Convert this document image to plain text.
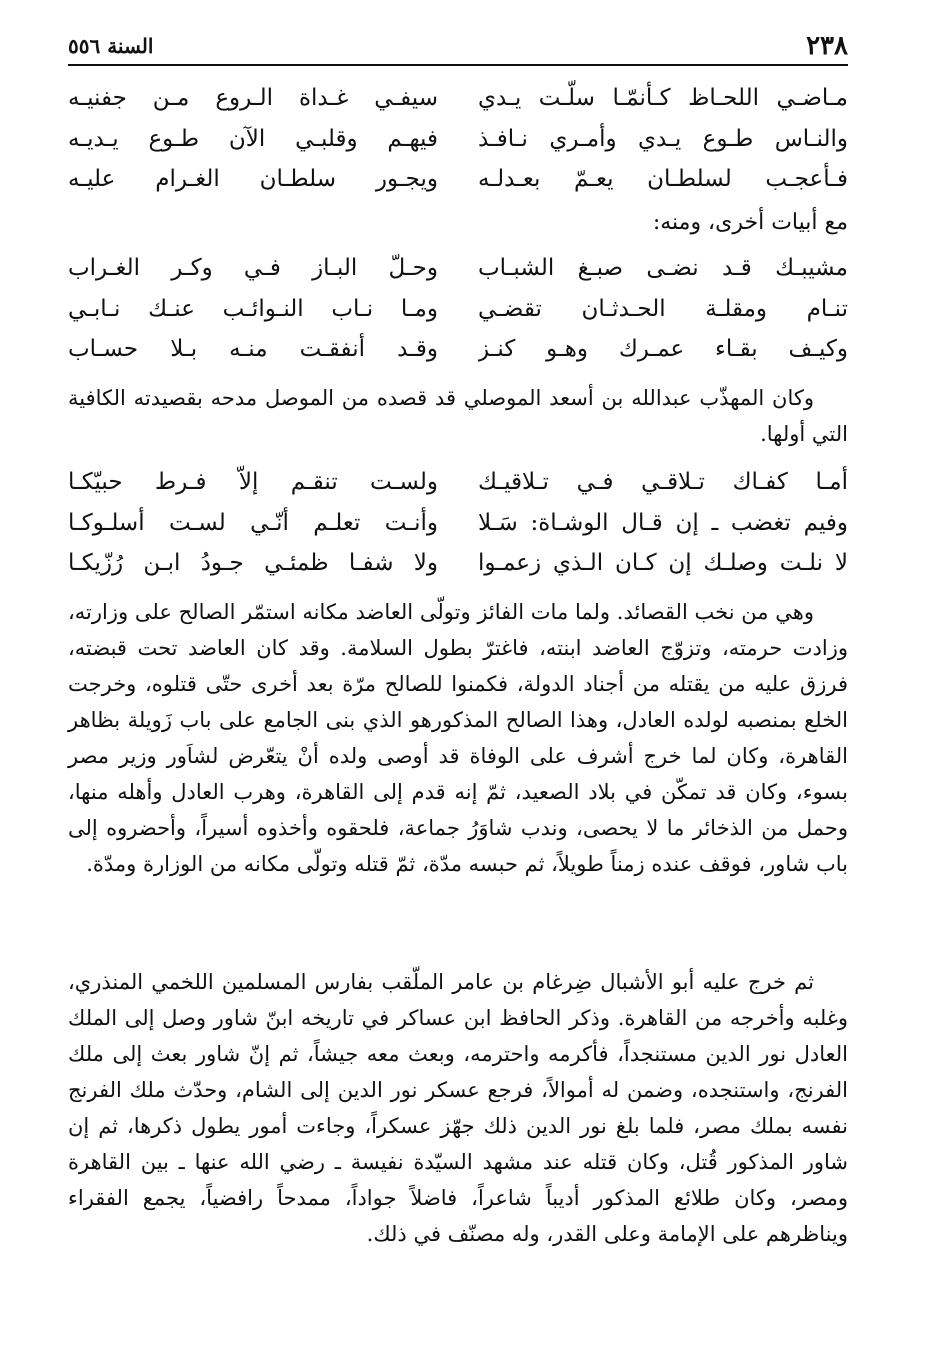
٢٣٨
السنة ٥٥٦
مـاضـي اللحـاظ كـأنمّـا سلّـت يـدي
سيفـي غـداة الـروع مـن جفنيـه
والنـاس طـوع يـدي وأمـري نـافـذ
فيهـم وقلبـي الآن طـوع يـديـه
فـأعجـب لسلطـان يعـمّ بعـدلـه
ويجـور سلطـان الغـرام عليـه
مع أبيات أخرى، ومنه:
مشيبـك قـد نضـى صبـغ الشبـاب
وحـلّ البـاز فـي وكـر الغـراب
تنـام ومقلـة الحـدثـان تقضـي
ومـا نـاب النـوائـب عنـك نـابـي
وكيـف بقـاء عمـرك وهـو كنـز
وقـد أنفقـت منـه بـلا حسـاب

وكان المهذّب عبدالله بن أسعد الموصلي قد قصده من الموصل مدحه بقصيدته الكافية التي أولها.

أمـا كفـاك تـلاقـي فـي تـلاقيـك
ولسـت تنقـم إلاّ فـرط حبيّكـا
وفيم تغضب ـ إن قـال الوشـاة: سَـلا
وأنـت تعلـم أنّـي لسـت أسلـوكـا
لا نلـت وصلـك إن كـان الـذي زعمـوا
ولا شفـا ظمئـي جـودُ ابـن رُزّيكـا

وهي من نخب القصائد. ولما مات الفائز وتولّى العاضد مكانه استمّر الصالح على وزارته، وزادت حرمته، وتزوّج العاضد ابنته، فاغترّ بطول السلامة. وقد كان العاضد تحت قبضته، فرزق عليه من يقتله من أجناد الدولة، فكمنوا للصالح مرّة بعد أخرى حتّى قتلوه، وخرجت الخلع بمنصبه لولده العادل، وهذا الصالح المذكورهو الذي بنى الجامع على باب زَويلة بظاهر القاهرة، وكان لما خرج أشرف على الوفاة قد أوصى ولده أنْ يتعّرض لشاَور وزير مصر بسوء، وكان قد تمكّن في بلاد الصعيد، ثمّ إنه قدم إلى القاهرة، وهرب العادل وأهله منها، وحمل من الذخائر ما لا يحصى، وندب شاوَرُ جماعة، فلحقوه وأخذوه أسيراً، وأحضروه إلى باب شاور، فوقف عنده زمناً طويلاً، ثم حبسه مدّة، ثمّ قتله وتولّى مكانه من الوزارة ومدّة.

ثم خرج عليه أبو الأشبال ضِرغام بن عامر الملّقب بفارس المسلمين اللخمي المنذري، وغلبه وأخرجه من القاهرة. وذكر الحافظ ابن عساكر في تاريخه ابنّ شاور وصل إلى الملك العادل نور الدين مستنجداً، فأكرمه واحترمه، وبعث معه جيشاً، ثم إنّ شاور بعث إلى ملك الفرنج، واستنجده، وضمن له أموالاً، فرجع عسكر نور الدين إلى الشام، وحدّث ملك الفرنج نفسه بملك مصر، فلما بلغ نور الدين ذلك جهّز عسكراً، وجاءت أمور يطول ذكرها، ثم إن شاور المذكور قُتل، وكان قتله عند مشهد السيّدة نفيسة ـ رضي الله عنها ـ بين القاهرة ومصر، وكان طلائع المذكور أديباً شاعراً، فاضلاً جواداً، ممدحاً رافضياً، يجمع الفقراء ويناظرهم على الإمامة وعلى القدر، وله مصنّف في ذلك.
